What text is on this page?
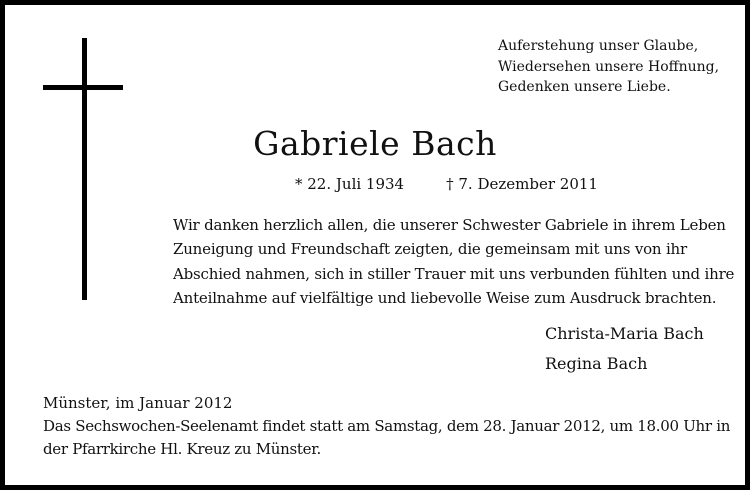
Auferstehung unser Glaube,
Wiedersehen unsere Hoffnung,
Gedenken unsere Liebe.
Gabriele Bach
* 22. Juli 1934	† 7. Dezember 2011
Wir danken herzlich allen, die unserer Schwester Gabriele in ihrem Leben
Zuneigung und Freundschaft zeigten, die gemeinsam mit uns von ihr
Abschied nahmen, sich in stiller Trauer mit uns verbunden fühlten und ihre
Anteilnahme auf vielfältige und liebevolle Weise zum Ausdruck brachten.
Christa-Maria Bach
Regina Bach
Münster, im Januar 2012
Das Sechswochen-Seelenamt findet statt am Samstag, dem 28. Januar 2012, um 18.00 Uhr in
der Pfarrkirche Hl. Kreuz zu Münster.
